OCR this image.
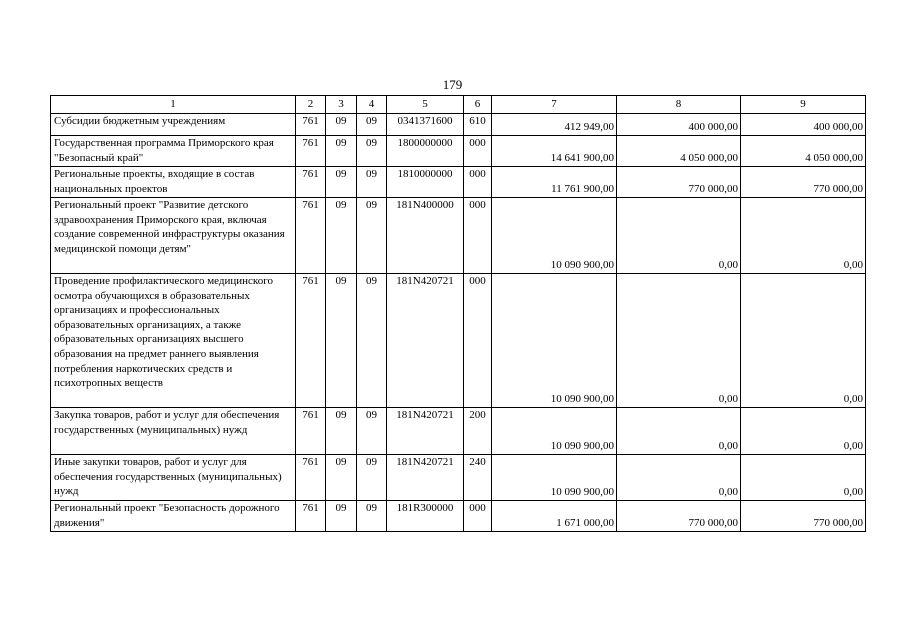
179
1	2	3	4	5	6	7	8	9
Субсидии бюджетным учреждениям	761	09	09	0341371600	610	412 949,00	400 000,00	400 000,00
Государственная программа Приморского края "Безопасный край"	761	09	09	1800000000	000	14 641 900,00	4 050 000,00	4 050 000,00
Региональные проекты, входящие в состав национальных проектов	761	09	09	1810000000	000	11 761 900,00	770 000,00	770 000,00
Региональный проект "Развитие детского здравоохранения Приморского края, включая создание современной инфраструктуры оказания медицинской помощи детям"	761	09	09	181N400000	000	10 090 900,00	0,00	0,00
Проведение профилактического медицинского осмотра обучающихся в образовательных организациях и профессиональных образовательных организациях, а также образовательных организациях высшего образования на предмет раннего выявления потребления наркотических средств и психотропных веществ	761	09	09	181N420721	000	10 090 900,00	0,00	0,00
Закупка товаров, работ и услуг для обеспечения государственных (муниципальных) нужд	761	09	09	181N420721	200	10 090 900,00	0,00	0,00
Иные закупки товаров, работ и услуг для обеспечения государственных (муниципальных) нужд	761	09	09	181N420721	240	10 090 900,00	0,00	0,00
Региональный проект "Безопасность дорожного движения"	761	09	09	181R300000	000	1 671 000,00	770 000,00	770 000,00
